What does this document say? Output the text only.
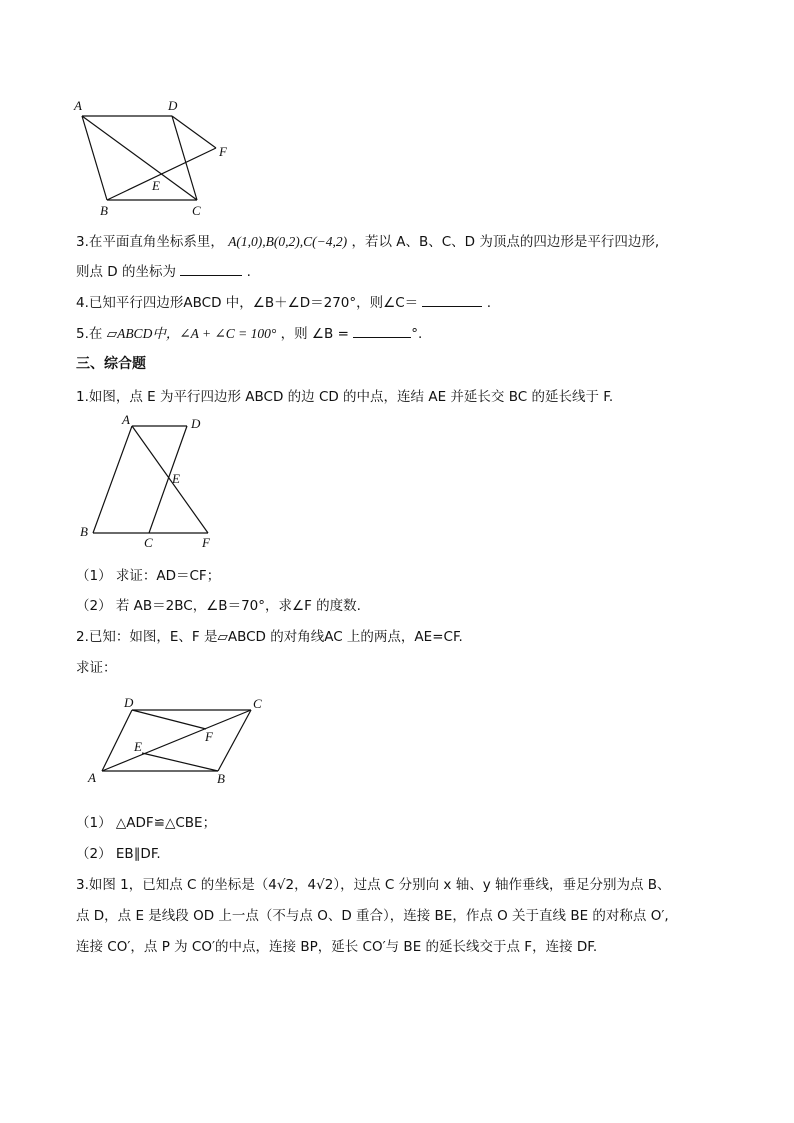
A	D
F
E
B	C
3.在平面直角坐标系里， A(1,0),B(0,2),C(−4,2) ，若以 A、B、C、D 为顶点的四边形是平行四边形,
则点 D 的坐标为	.
4.已知平行四边形ABCD 中，∠B＋∠D＝270°，则∠C＝	.
5.在 ▱ABCD中，∠A + ∠C = 100° ，则 ∠B =	°.
三、综合题
1.如图，点 E 为平行四边形 ABCD 的边 CD 的中点，连结 AE 并延长交 BC 的延长线于 F.
A	D
E
B
C	F
（1） 求证：AD＝CF；
（2） 若 AB＝2BC，∠B＝70°，求∠F 的度数.
2.已知：如图，E、F 是▱ABCD 的对角线AC 上的两点，AE=CF.
求证：
D	C
F
E
A	B
（1） △ADF≌△CBE；
（2） EB∥DF.
3.如图 1，已知点 C 的坐标是（4√2，4√2），过点 C 分别向 x 轴、y 轴作垂线，垂足分别为点 B、
点 D，点 E 是线段 OD 上一点（不与点 O、D 重合），连接 BE，作点 O 关于直线 BE 的对称点 O′,
连接 CO′，点 P 为 CO′的中点，连接 BP，延长 CO′与 BE 的延长线交于点 F，连接 DF.
